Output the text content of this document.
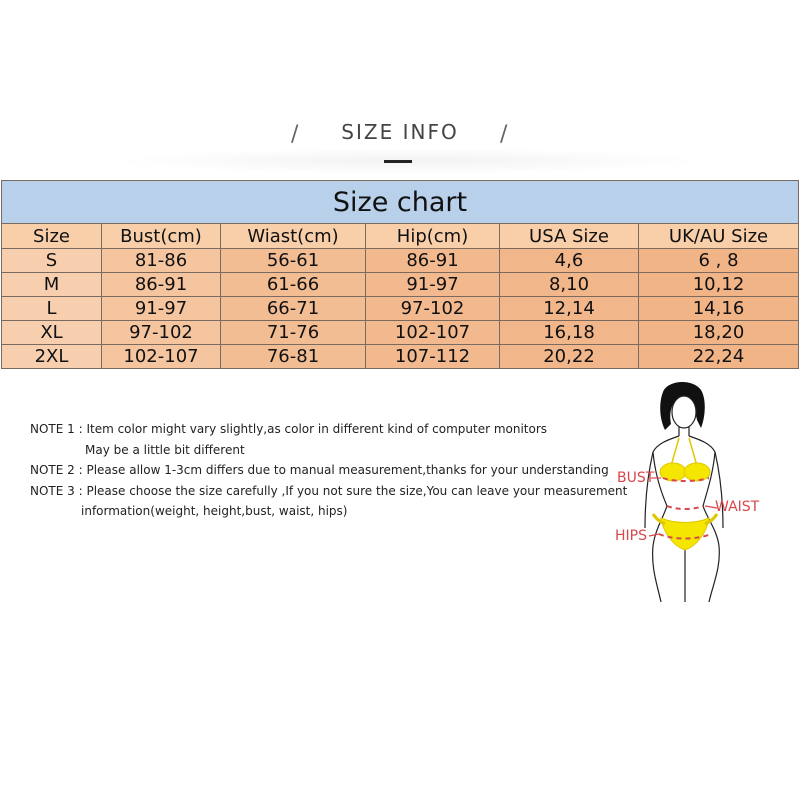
/	SIZE INFO	/
Size chart					
Size	Bust(cm)	Wiast(cm)	Hip(cm)	USA Size	UK/AU Size
S	81-86	56-61	86-91	4,6	6 , 8
M	86-91	61-66	91-97	8,10	10,12
L	91-97	66-71	97-102	12,14	14,16
XL	97-102	71-76	102-107	16,18	18,20
2XL	102-107	76-81	107-112	20,22	22,24
NOTE 1 : Item color might vary slightly,as color in different kind of computer monitors
May be a little bit different
NOTE 2 : Please allow 1-3cm differs due to manual measurement,thanks for your understanding
NOTE 3 : Please choose the size carefully ,If you not sure the size,You can leave your measurement
information(weight, height,bust, waist, hips)
BUST
WAIST
HIPS
